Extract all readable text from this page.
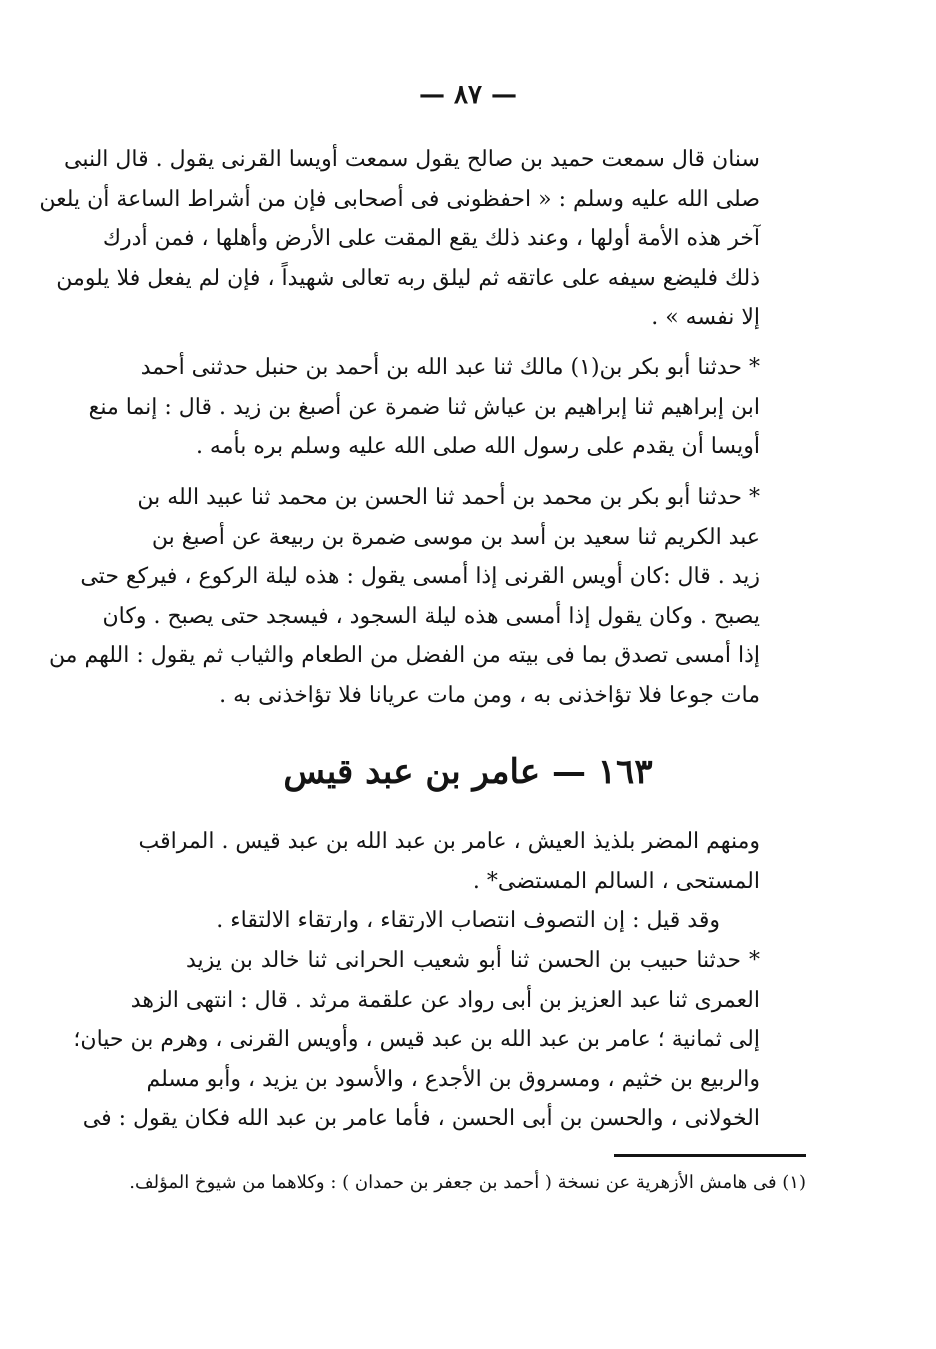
— ٨٧ —
سنان قال سمعت حميد بن صالح يقول سمعت أويسا القرنى يقول . قال النبى
صلى الله عليه وسلم : « احفظونى فى أصحابى فإن من أشراط الساعة أن يلعن
آخر هذه الأمة أولها ، وعند ذلك يقع المقت على الأرض وأهلها ، فمن أدرك
ذلك فليضع سيفه على عاتقه ثم ليلق ربه تعالى شهيداً ، فإن لم يفعل فلا يلومن
إلا نفسه » .
* حدثنا أبو بكر بن(١) مالك ثنا عبد الله بن أحمد بن حنبل حدثنى أحمد
ابن إبراهيم ثنا إبراهيم بن عياش ثنا ضمرة عن أصبغ بن زيد . قال : إنما منع
أويسا أن يقدم على رسول الله صلى الله عليه وسلم بره بأمه .
* حدثنا أبو بكر بن محمد بن أحمد ثنا الحسن بن محمد ثنا عبيد الله بن
عبد الكريم ثنا سعيد بن أسد بن موسى ضمرة بن ربيعة عن أصبغ بن
زيد . قال :كان أويس القرنى إذا أمسى يقول : هذه ليلة الركوع ، فيركع حتى
يصبح . وكان يقول إذا أمسى هذه ليلة السجود ، فيسجد حتى يصبح . وكان
إذا أمسى تصدق بما فى بيته من الفضل من الطعام والثياب ثم يقول : اللهم من
مات جوعا فلا تؤاخذنى به ، ومن مات عريانا فلا تؤاخذنى به .
١٦٣ — عامر بن عبد قيس
ومنهم المضر بلذيذ العيش ، عامر بن عبد الله بن عبد قيس . المراقب
المستحى ، السالم المستضى* .
وقد قيل : إن التصوف انتصاب الارتقاء ، وارتقاء الالتقاء .
* حدثنا حبيب بن الحسن ثنا أبو شعيب الحرانى ثنا خالد بن يزيد
العمرى ثنا عبد العزيز بن أبى رواد عن علقمة مرثد . قال : انتهى الزهد
إلى ثمانية ؛ عامر بن عبد الله بن عبد قيس ، وأويس القرنى ، وهرم بن حيان؛
والربيع بن خثيم ، ومسروق بن الأجدع ، والأسود بن يزيد ، وأبو مسلم
الخولانى ، والحسن بن أبى الحسن ، فأما عامر بن عبد الله فكان يقول : فى
(١) فى هامش الأزهرية عن نسخة ( أحمد بن جعفر بن حمدان ) : وكلاهما من شيوخ المؤلف.
